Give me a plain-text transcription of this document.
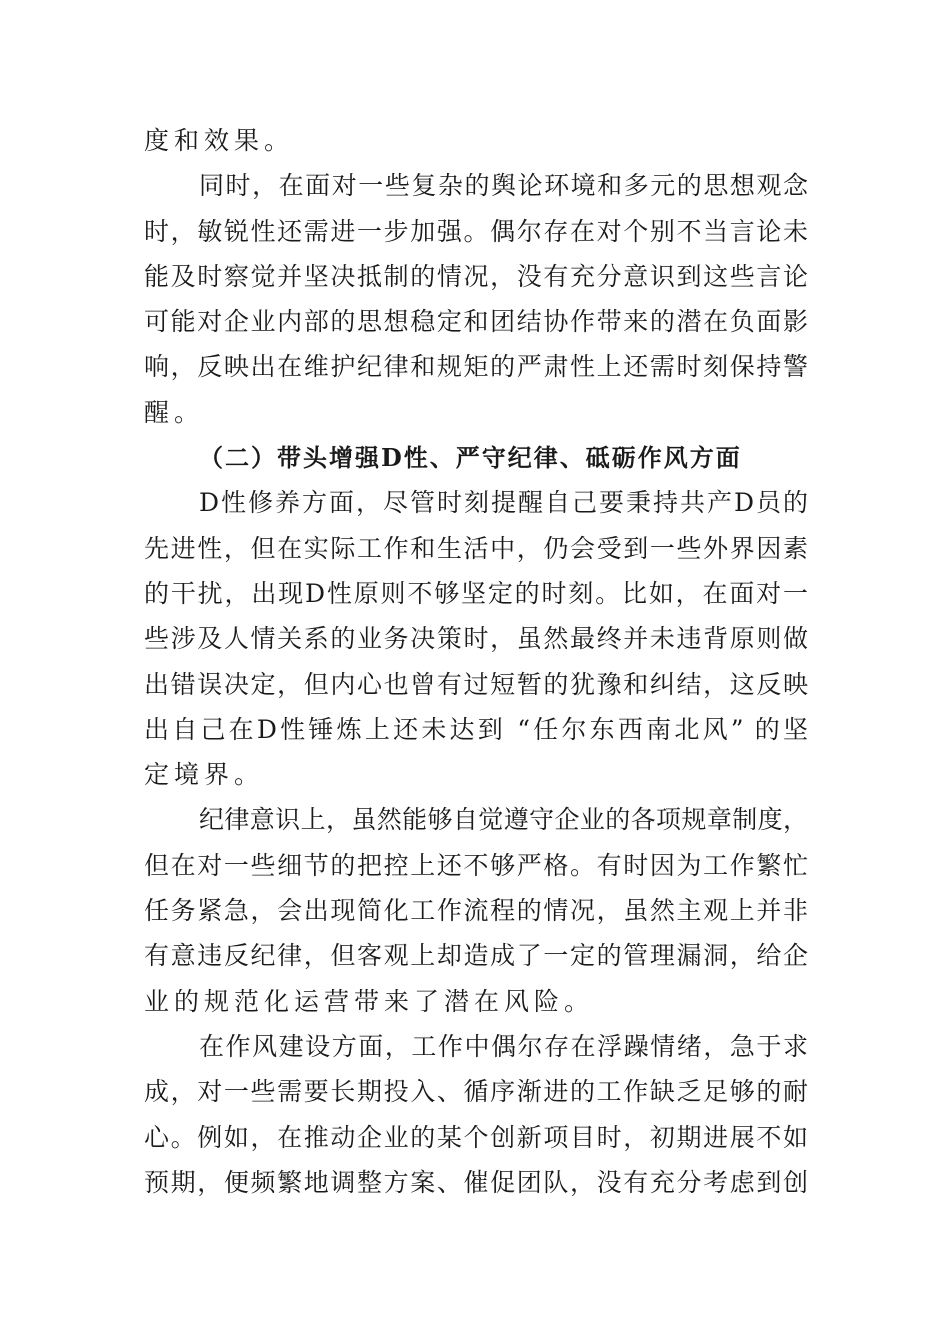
度和效果。
同时，在面对一些复杂的舆论环境和多元的思想观念
时，敏锐性还需进一步加强。偶尔存在对个别不当言论未
能及时察觉并坚决抵制的情况，没有充分意识到这些言论
可能对企业内部的思想稳定和团结协作带来的潜在负面影
响，反映出在维护纪律和规矩的严肃性上还需时刻保持警
醒。
（二）带头增强D性、严守纪律、砥砺作风方面
D性修养方面，尽管时刻提醒自己要秉持共产D员的
先进性，但在实际工作和生活中，仍会受到一些外界因素
的干扰，出现D性原则不够坚定的时刻。比如，在面对一
些涉及人情关系的业务决策时，虽然最终并未违背原则做
出错误决定，但内心也曾有过短暂的犹豫和纠结，这反映
出自己在D性锤炼上还未达到 “任尔东西南北风” 的坚
定境界。
纪律意识上，虽然能够自觉遵守企业的各项规章制度，
但在对一些细节的把控上还不够严格。有时因为工作繁忙
任务紧急，会出现简化工作流程的情况，虽然主观上并非
有意违反纪律，但客观上却造成了一定的管理漏洞，给企
业的规范化运营带来了潜在风险。
在作风建设方面，工作中偶尔存在浮躁情绪，急于求
成，对一些需要长期投入、循序渐进的工作缺乏足够的耐
心。例如，在推动企业的某个创新项目时，初期进展不如
预期，便频繁地调整方案、催促团队，没有充分考虑到创
